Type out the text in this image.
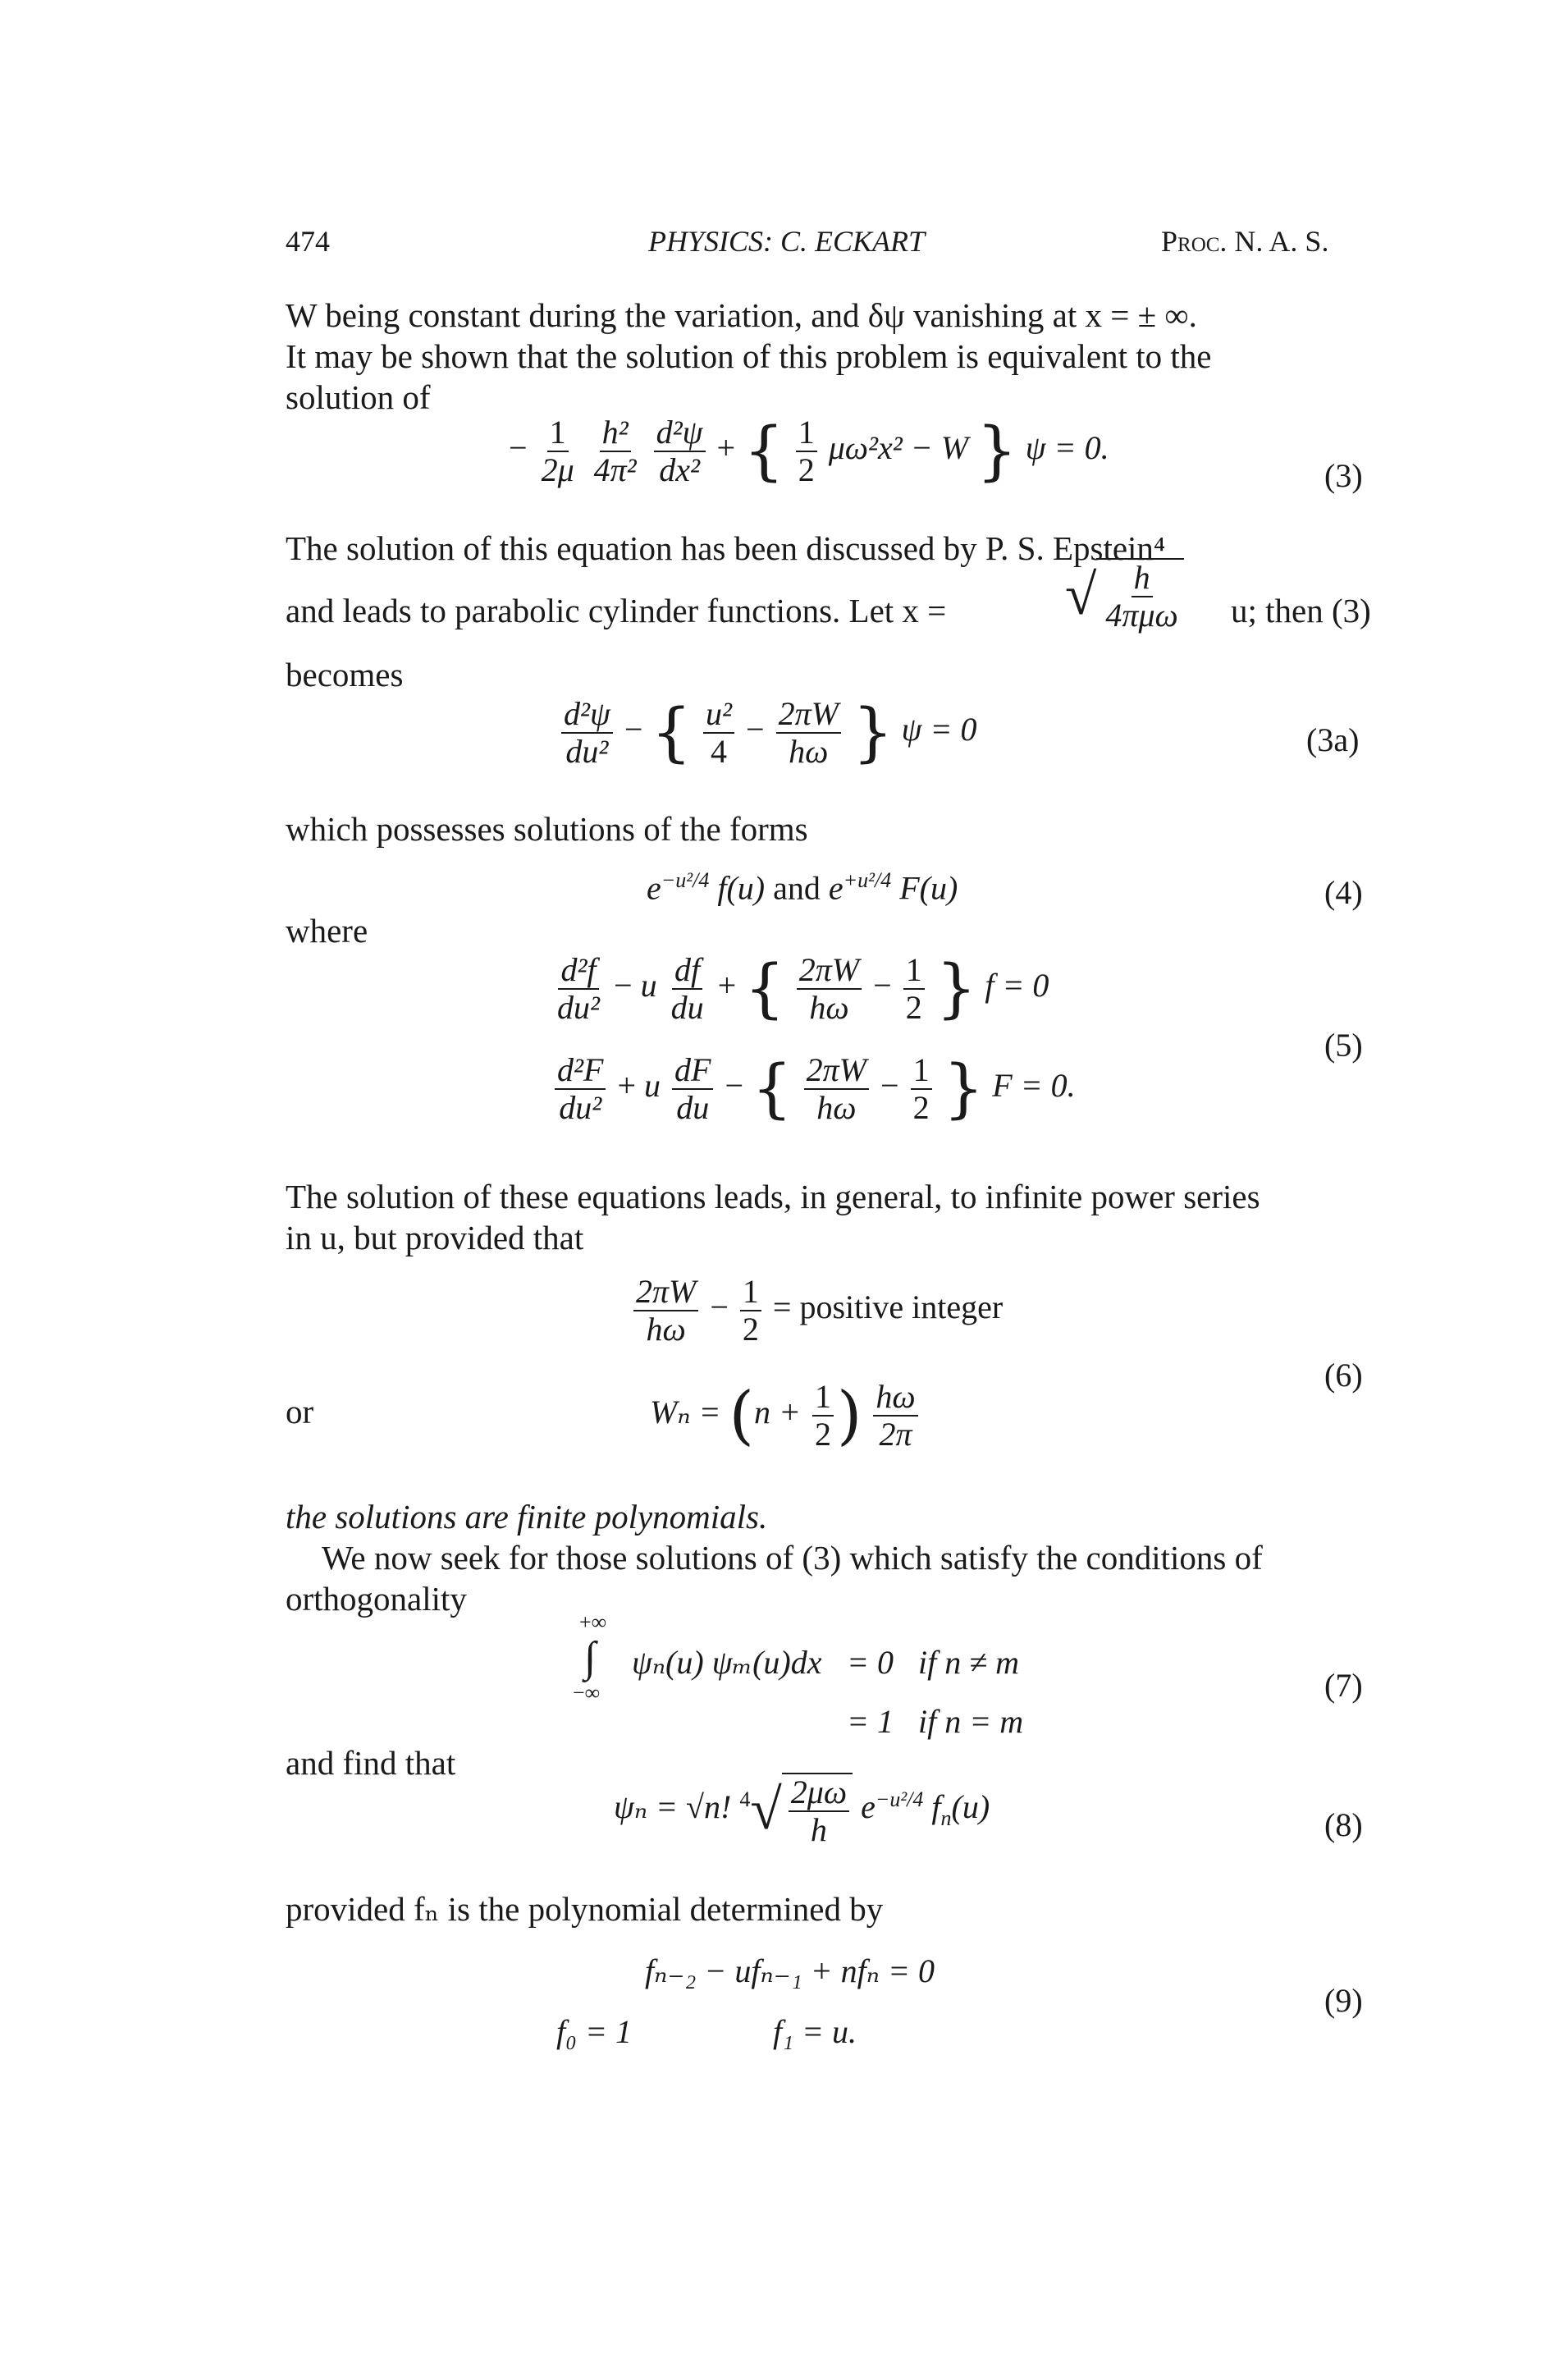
474	PHYSICS: C. ECKART	Proc. N. A. S.
W being constant during the variation, and δψ vanishing at x = ± ∞.
It may be shown that the solution of this problem is equivalent to the
solution of
− $\frac{1}{2\mu}$
$\frac{\text{h²}}{\text{4π²}}$
$\frac{\text{d²ψ}}{\text{dx²}}$ + { $\frac{1}{2} \mu\omega^2x^2 - W$ } ψ = 0.
(3)
The solution of this equation has been discussed by P. S. Epstein⁴
and leads to parabolic cylinder functions. Let x = √ $\frac{h}{\text{4πμω}} u$; then (3)
becomes
$\frac{\text{d²ψ}}{\text{du²}}$ − { $\frac{\text{u²}}{4} - \frac{2\pi W}{h\omega}$ } ψ = 0	(3a)
which possesses solutions of the forms
$e^{-u^2/4}$ f(u) and $e^{+u^2/4}$ F(u)	(4)
where
$\frac{\text{d²f}}{\text{du²}} - u \frac{df}{du}$ + { $\frac{2\pi W}{h\omega} - \frac{1}{2}$ } f = 0
$\frac{\text{d²F}}{\text{du²}} + u \frac{dF}{du}$ − { $\frac{2\pi W}{h\omega} - \frac{1}{2}$ } F = 0.
(5)
The solution of these equations leads, in general, to infinite power series
in u, but provided that
$\frac{2\pi W}{h\omega} - \frac{1}{2}$ = positive integer
or	$W_n = (n + \frac{1}{2}$ ) $\frac{h\omega}{2\pi}$
(6)
the solutions are finite polynomials.
We now seek for those solutions of (3) which satisfy the conditions of
orthogonality
+∞
∫
−∞
ψₙ(u) ψₘ(u)dx = 0   if n ≠ m
= 1   if n = m
(7)
and find that
ψₙ = √n! $^4√ \frac{2\mu\omega}{h} e^{-u^2/4}$ $f_n(u)$	(8)
provided fₙ is the polynomial determined by
fₙ₋₂ − ufₙ₋₁ + nfₙ = 0
f₀ = 1	f₁ = u.
(9)
